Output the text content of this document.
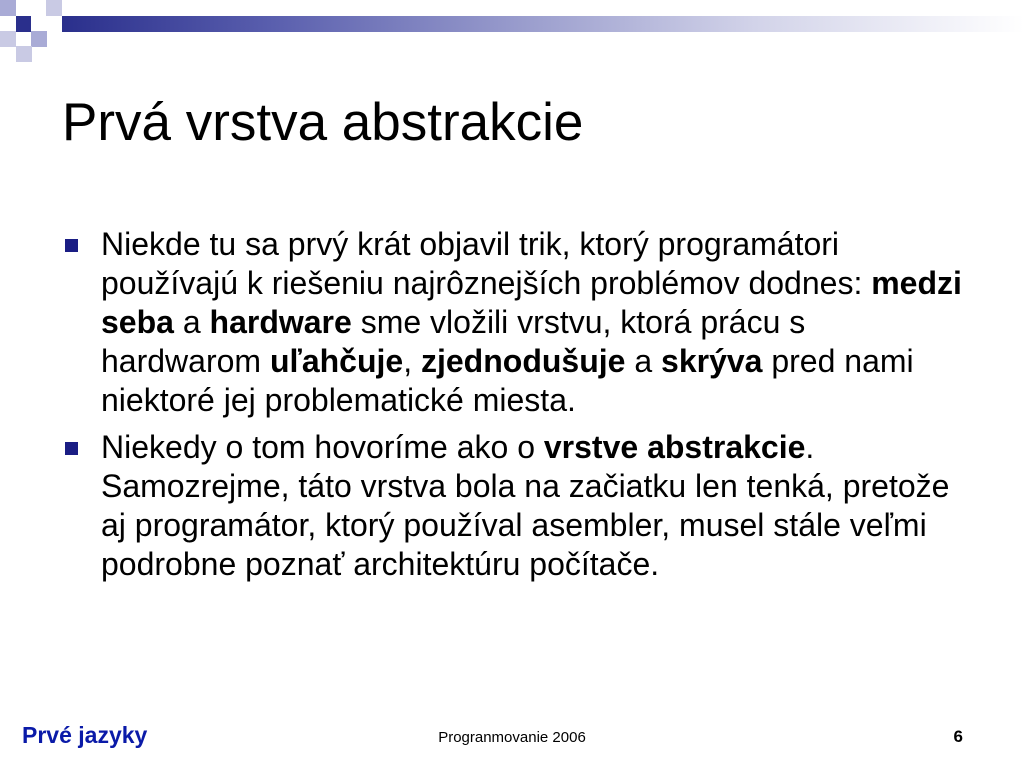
Prvá vrstva abstrakcie
Niekde tu sa prvý krát objavil trik, ktorý programátori používajú k riešeniu najrôznejších problémov dodnes: medzi seba a hardware sme vložili vrstvu, ktorá prácu s hardwarom uľahčuje, zjednodušuje a skrýva pred nami niektoré jej problematické miesta.
Niekedy o tom hovoríme ako o vrstve abstrakcie. Samozrejme, táto vrstva bola na začiatku len tenká, pretože aj programátor, ktorý používal asembler, musel stále veľmi podrobne poznať architektúru počítače.
Prvé jazyky	Progranmovanie 2006	6
